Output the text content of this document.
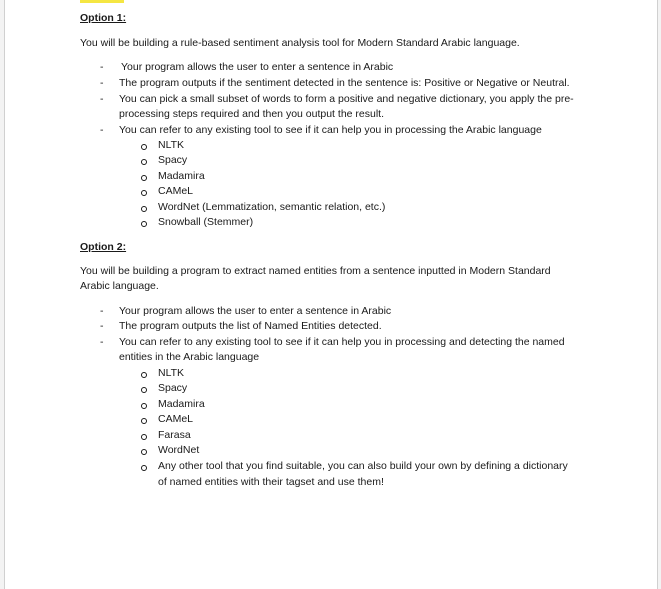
Option 1:
You will be building a rule-based sentiment analysis tool for Modern Standard Arabic language.
- Your program allows the user to enter a sentence in Arabic
- The program outputs if the sentiment detected in the sentence is: Positive or Negative or Neutral.
- You can pick a small subset of words to form a positive and negative dictionary, you apply the pre-
processing steps required and then you output the result.
- You can refer to any existing tool to see if it can help you in processing the Arabic language
NLTK
Spacy
Madamira
CAMeL
WordNet (Lemmatization, semantic relation, etc.)
Snowball (Stemmer)
Option 2:
You will be building a program to extract named entities from a sentence inputted in Modern Standard
Arabic language.
- Your program allows the user to enter a sentence in Arabic
- The program outputs the list of Named Entities detected.
- You can refer to any existing tool to see if it can help you in processing and detecting the named
entities in the Arabic language
NLTK
Spacy
Madamira
CAMeL
Farasa
WordNet
Any other tool that you find suitable, you can also build your own by defining a dictionary
of named entities with their tagset and use them!
